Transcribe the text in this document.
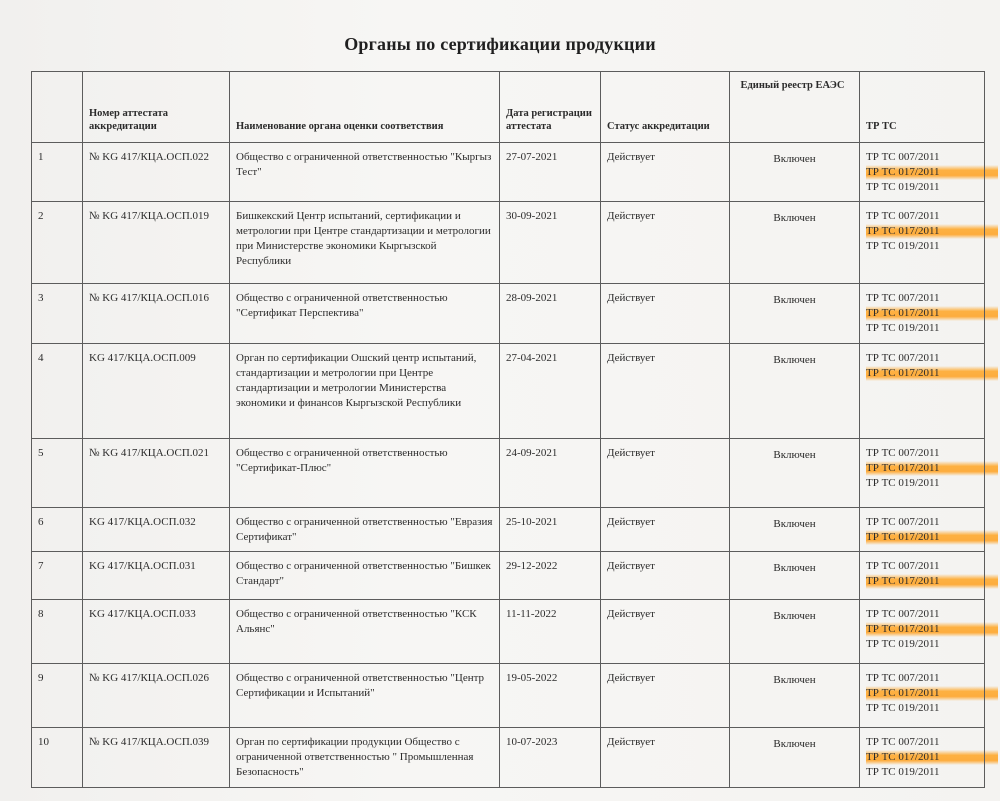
Органы по сертификации продукции
	Номер аттестата аккредитации	Наименование органа оценки соответствия	Дата регистрации аттестата	Статус аккредитации	Единый реестр ЕАЭС	ТР ТС
1	№ KG 417/КЦА.ОСП.022	Общество с ограниченной ответственностью "Кыргыз Тест"	27-07-2021	Действует	Включен	ТР ТС 007/2011
ТР ТС 017/2011
ТР ТС 019/2011

2	№ KG 417/КЦА.ОСП.019	Бишкекский Центр испытаний, сертификации и метрологии при Центре стандартизации и метрологии при Министерстве экономики Кыргызской Республики	30-09-2021	Действует	Включен	ТР ТС 007/2011
ТР ТС 017/2011
ТР ТС 019/2011

3	№ KG 417/КЦА.ОСП.016	Общество с ограниченной ответственностью "Сертификат Перспектива"	28-09-2021	Действует	Включен	ТР ТС 007/2011
ТР ТС 017/2011
ТР ТС 019/2011

4	KG 417/КЦА.ОСП.009	Орган по сертификации Ошский центр испытаний, стандартизации и метрологии при Центре стандартизации и метрологии Министерства экономики и финансов Кыргызской Республики	27-04-2021	Действует	Включен	ТР ТС 007/2011
ТР ТС 017/2011

5	№ KG 417/КЦА.ОСП.021	Общество с ограниченной ответственностью "Сертификат-Плюс"	24-09-2021	Действует	Включен	ТР ТС 007/2011
ТР ТС 017/2011
ТР ТС 019/2011

6	KG 417/КЦА.ОСП.032	Общество с ограниченной ответственностью "Евразия Сертификат"	25-10-2021	Действует	Включен	ТР ТС 007/2011
ТР ТС 017/2011

7	KG 417/КЦА.ОСП.031	Общество с ограниченной ответственностью "Бишкек Стандарт"	29-12-2022	Действует	Включен	ТР ТС 007/2011
ТР ТС 017/2011

8	KG 417/КЦА.ОСП.033	Общество с ограниченной ответственностью "КСК Альянс"	11-11-2022	Действует	Включен	ТР ТС 007/2011
ТР ТС 017/2011
ТР ТС 019/2011

9	№ KG 417/КЦА.ОСП.026	Общество с ограниченной ответственностью "Центр Сертификации и Испытаний"	19-05-2022	Действует	Включен	ТР ТС 007/2011
ТР ТС 017/2011
ТР ТС 019/2011

10	№ KG 417/КЦА.ОСП.039	Орган по сертификации продукции Общество с ограниченной ответственностью " Промышленная Безопасность"	10-07-2023	Действует	Включен	ТР ТС 007/2011
ТР ТС 017/2011
ТР ТС 019/2011
